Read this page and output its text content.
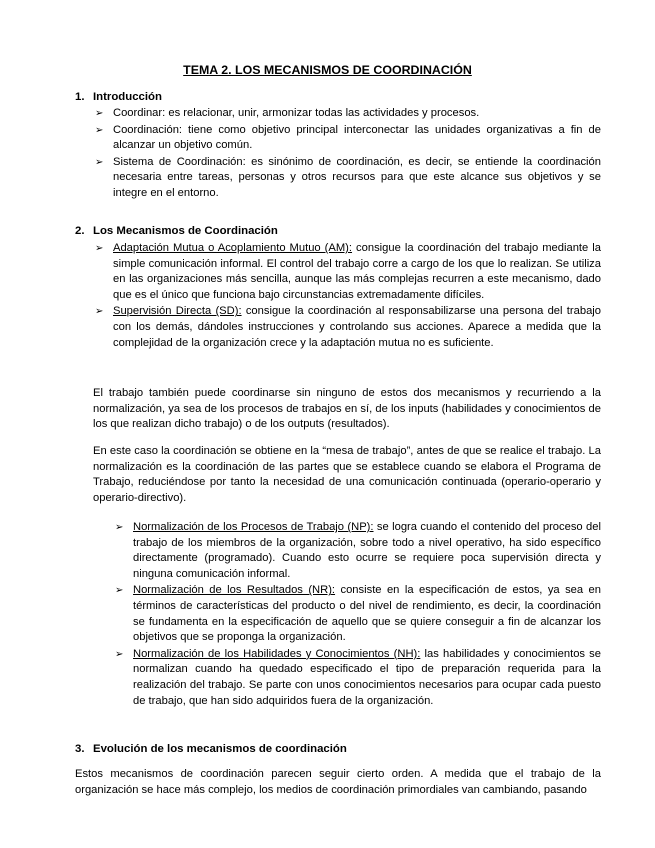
TEMA 2. LOS MECANISMOS DE COORDINACIÓN
1. Introducción
➢ Coordinar: es relacionar, unir, armonizar todas las actividades y procesos.
➢ Coordinación: tiene como objetivo principal interconectar las unidades organizativas a fin de alcanzar un objetivo común.
➢ Sistema de Coordinación: es sinónimo de coordinación, es decir, se entiende la coordinación necesaria entre tareas, personas y otros recursos para que este alcance sus objetivos y se integre en el entorno.
2. Los Mecanismos de Coordinación
➢ Adaptación Mutua o Acoplamiento Mutuo (AM): consigue la coordinación del trabajo mediante la simple comunicación informal. El control del trabajo corre a cargo de los que lo realizan. Se utiliza en las organizaciones más sencilla, aunque las más complejas recurren a este mecanismo, dado que es el único que funciona bajo circunstancias extremadamente difíciles.
➢ Supervisión Directa (SD): consigue la coordinación al responsabilizarse una persona del trabajo con los demás, dándoles instrucciones y controlando sus acciones. Aparece a medida que la complejidad de la organización crece y la adaptación mutua no es suficiente.

El trabajo también puede coordinarse sin ninguno de estos dos mecanismos y recurriendo a la normalización, ya sea de los procesos de trabajos en sí, de los inputs (habilidades y conocimientos de los que realizan dicho trabajo) o de los outputs (resultados).

En este caso la coordinación se obtiene en la “mesa de trabajo”, antes de que se realice el trabajo. La normalización es la coordinación de las partes que se establece cuando se elabora el Programa de Trabajo, reduciéndose por tanto la necesidad de una comunicación continuada (operario-operario y operario-directivo).

➢ Normalización de los Procesos de Trabajo (NP): se logra cuando el contenido del proceso del trabajo de los miembros de la organización, sobre todo a nivel operativo, ha sido específico directamente (programado). Cuando esto ocurre se requiere poca supervisión directa y ninguna comunicación informal.
➢ Normalización de los Resultados (NR): consiste en la especificación de estos, ya sea en términos de características del producto o del nivel de rendimiento, es decir, la coordinación se fundamenta en la especificación de aquello que se quiere conseguir a fin de alcanzar los objetivos que se proponga la organización.
➢ Normalización de los Habilidades y Conocimientos (NH): las habilidades y conocimientos se normalizan cuando ha quedado especificado el tipo de preparación requerida para la realización del trabajo. Se parte con unos conocimientos necesarios para ocupar cada puesto de trabajo, que han sido adquiridos fuera de la organización.
3. Evolución de los mecanismos de coordinación

Estos mecanismos de coordinación parecen seguir cierto orden. A medida que el trabajo de la organización se hace más complejo, los medios de coordinación primordiales van cambiando, pasando
